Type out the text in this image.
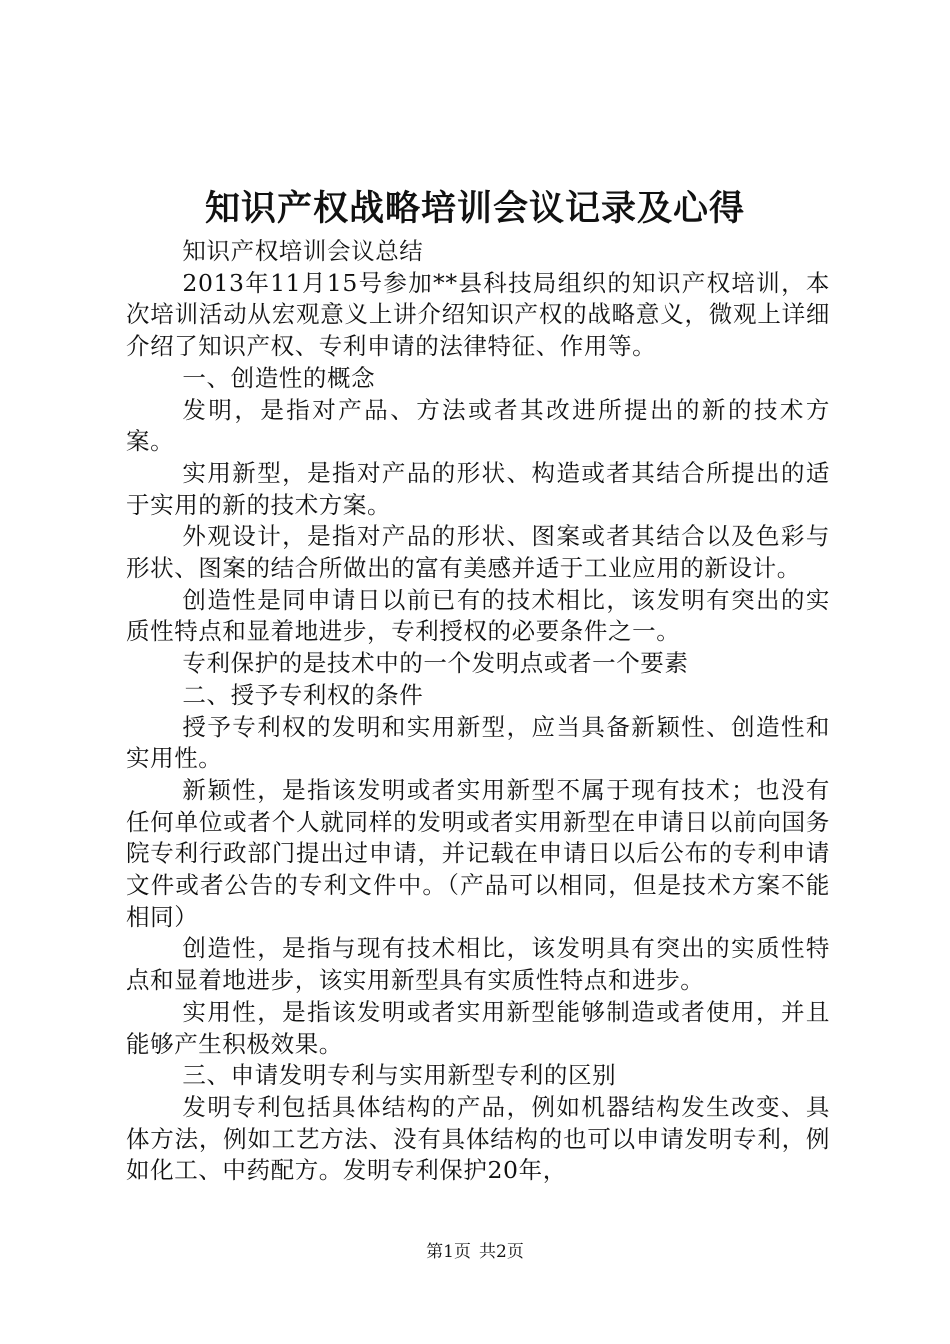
知识产权战略培训会议记录及心得

知识产权培训会议总结

2013年11月15号参加**县科技局组织的知识产权培训，本次培训活动从宏观意义上讲介绍知识产权的战略意义，微观上详细介绍了知识产权、专利申请的法律特征、作用等。

一、创造性的概念

发明，是指对产品、方法或者其改进所提出的新的技术方案。

实用新型，是指对产品的形状、构造或者其结合所提出的适于实用的新的技术方案。

外观设计，是指对产品的形状、图案或者其结合以及色彩与形状、图案的结合所做出的富有美感并适于工业应用的新设计。

创造性是同申请日以前已有的技术相比，该发明有突出的实质性特点和显着地进步，专利授权的必要条件之一。

专利保护的是技术中的一个发明点或者一个要素

二、授予专利权的条件

授予专利权的发明和实用新型，应当具备新颖性、创造性和实用性。

新颖性，是指该发明或者实用新型不属于现有技术；也没有任何单位或者个人就同样的发明或者实用新型在申请日以前向国务院专利行政部门提出过申请，并记载在申请日以后公布的专利申请文件或者公告的专利文件中。（产品可以相同，但是技术方案不能相同）

创造性，是指与现有技术相比，该发明具有突出的实质性特点和显着地进步，该实用新型具有实质性特点和进步。

实用性，是指该发明或者实用新型能够制造或者使用，并且能够产生积极效果。

三、申请发明专利与实用新型专利的区别

发明专利包括具体结构的产品，例如机器结构发生改变、具体方法，例如工艺方法、没有具体结构的也可以申请发明专利，例如化工、中药配方。发明专利保护20年，

第1页 共2页
